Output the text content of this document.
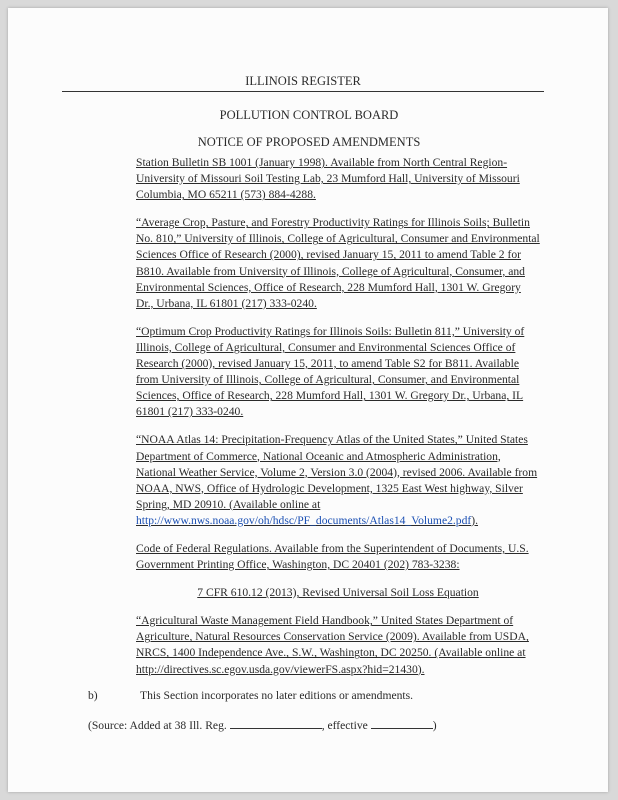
ILLINOIS REGISTER
POLLUTION CONTROL BOARD
NOTICE OF PROPOSED AMENDMENTS

Station Bulletin SB 1001 (January 1998). Available from North Central Region-University of Missouri Soil Testing Lab, 23 Mumford Hall, University of Missouri Columbia, MO 65211 (573) 884-4288.

“Average Crop, Pasture, and Forestry Productivity Ratings for Illinois Soils; Bulletin No. 810,” University of Illinois, College of Agricultural, Consumer and Environmental Sciences Office of Research (2000), revised January 15, 2011 to amend Table 2 for B810. Available from University of Illinois, College of Agricultural, Consumer, and Environmental Sciences, Office of Research, 228 Mumford Hall, 1301 W. Gregory Dr., Urbana, IL 61801 (217) 333-0240.

“Optimum Crop Productivity Ratings for Illinois Soils: Bulletin 811,” University of Illinois, College of Agricultural, Consumer and Environmental Sciences Office of Research (2000), revised January 15, 2011, to amend Table S2 for B811. Available from University of Illinois, College of Agricultural, Consumer, and Environmental Sciences, Office of Research, 228 Mumford Hall, 1301 W. Gregory Dr., Urbana, IL 61801 (217) 333-0240.

“NOAA Atlas 14: Precipitation-Frequency Atlas of the United States,” United States Department of Commerce, National Oceanic and Atmospheric Administration, National Weather Service, Volume 2, Version 3.0 (2004), revised 2006. Available from NOAA, NWS, Office of Hydrologic Development, 1325 East West highway, Silver Spring, MD 20910. (Available online at http://www.nws.noaa.gov/oh/hdsc/PF_documents/Atlas14_Volume2.pdf).

Code of Federal Regulations. Available from the Superintendent of Documents, U.S. Government Printing Office, Washington, DC 20401 (202) 783-3238:

7 CFR 610.12 (2013), Revised Universal Soil Loss Equation

“Agricultural Waste Management Field Handbook,” United States Department of Agriculture, Natural Resources Conservation Service (2009). Available from USDA, NRCS, 1400 Independence Ave., S.W., Washington, DC 20250. (Available online at http://directives.sc.egov.usda.gov/viewerFS.aspx?hid=21430).

b)	This Section incorporates no later editions or amendments.
(Source: Added at 38 Ill. Reg.	, effective	)
